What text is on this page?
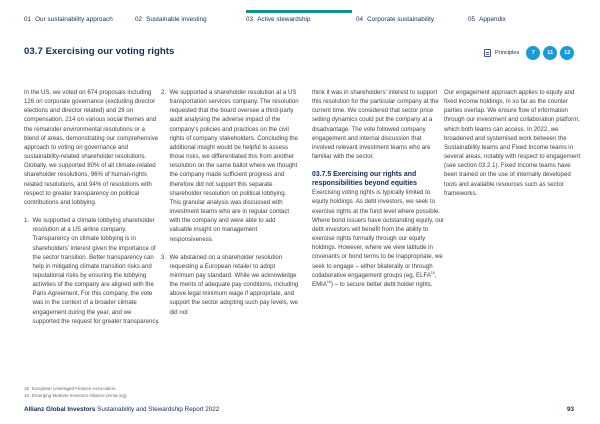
01 Our sustainability approach	02 Sustainable investing	03 Active stewardship	04 Corporate sustainability	05 Appendix
03.7 Exercising our voting rights	Principles	7	11	12

In the US, we voted on 674 proposals including 126 on corporate governance (excluding director elections and director related) and 28 on compensation, 214 on various social themes and the remainder environmental resolutions or a blend of areas, demonstrating our comprehensive approach to voting on governance and sustainability-related shareholder resolutions. Globally, we supported 80% of all climate-related shareholder resolutions, 96% of human-rights related resolutions, and 94% of resolutions with respect to greater transparency on political contributions and lobbying.

1. We supported a climate lobbying shareholder resolution at a US airline company. Transparency on climate lobbying is in shareholders' interest given the importance of the sector transition. Better transparency can help in mitigating climate transition risks and reputational risks by ensuring the lobbying activities of the company are aligned with the Paris Agreement. For this company, the vote was in the context of a broader climate engagement during the year, and we supported the request for greater transparency.
2. We supported a shareholder resolution at a US transportation services company. The resolution requested that the board oversee a third-party audit analysing the adverse impact of the company's policies and practices on the civil rights of company stakeholders. Concluding the additional insight would be helpful to assess those risks, we differentiated this from another resolution on the same ballot where we thought the company made sufficient progress and therefore did not support this separate shareholder resolution on political lobbying. This granular analysis was discussed with investment teams who are in regular contact with the company and were able to add valuable insight on management responsiveness.
3. We abstained on a shareholder resolution requesting a European retailer to adopt minimum pay standard. While we acknowledge the merits of adequate pay conditions, including above legal minimum wage if appropriate, and support the sector adopting such pay levels, we did not

think it was in shareholders' interest to support this resolution for the particular company at the current time. We considered that sector price setting dynamics could put the company at a disadvantage. The vote followed company engagement and internal discussion that involved relevant investment teams who are familiar with the sector.

03.7.5 Exercising our rights and responsibilities beyond equities

Exercising voting rights is typically limited to equity holdings. As debt investors, we seek to exercise rights at the fund level where possible. Where bond issuers have outstanding equity, our debt investors will benefit from the ability to exercise rights formally through our equity holdings. However, where we view latitude in covenants or bond terms to be inappropriate, we seek to engage – either bilaterally or through collaborative engagement groups (eg, ELFA$^{15}$, EMIA$^{16}$) – to secure better debt holder rights.

Our engagement approach applies to equity and fixed income holdings, in so far as the counter parties overlap. We ensure flow of information through our investment and collaboration platform, which both teams can access. In 2022, we broadened and systemised work between the Sustainability teams and Fixed Income teams in several areas, notably with respect to engagement (see section 03.2.1). Fixed Income teams have been trained on the use of internally developed tools and available resources such as sector frameworks.

15 European Leveraged Finance Association.
16 Emerging Markets Investors Alliance (emia.org).
Allianz Global Investors Sustainability and Stewardship Report 2022	93
